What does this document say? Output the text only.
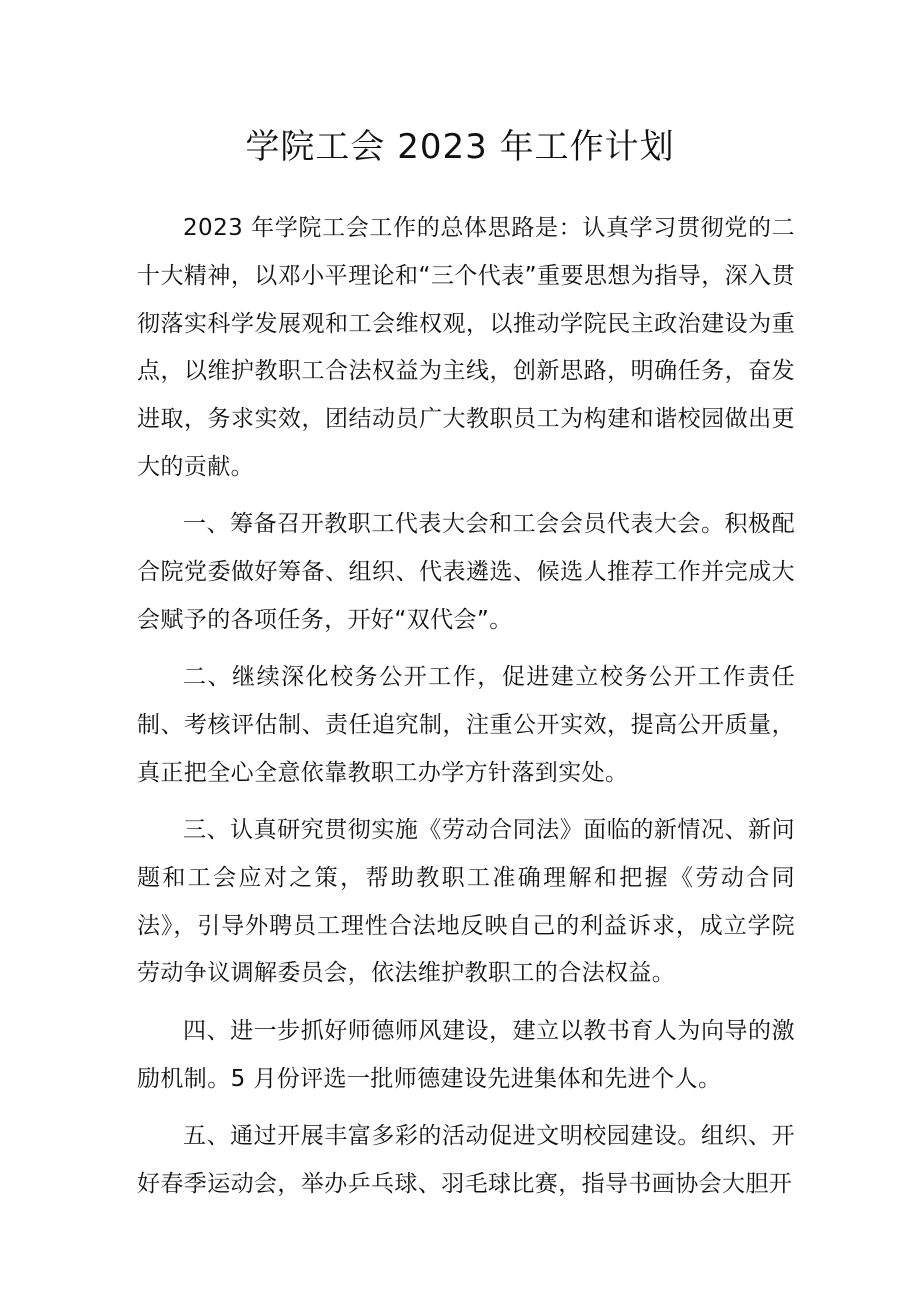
学院工会 2023 年工作计划

2023 年学院工会工作的总体思路是：认真学习贯彻党的二十大精神，以邓小平理论和“三个代表”重要思想为指导，深入贯彻落实科学发展观和工会维权观，以推动学院民主政治建设为重点，以维护教职工合法权益为主线，创新思路，明确任务，奋发进取，务求实效，团结动员广大教职员工为构建和谐校园做出更大的贡献。

一、筹备召开教职工代表大会和工会会员代表大会。积极配合院党委做好筹备、组织、代表遴选、候选人推荐工作并完成大会赋予的各项任务，开好“双代会”。

二、继续深化校务公开工作，促进建立校务公开工作责任制、考核评估制、责任追究制，注重公开实效，提高公开质量，真正把全心全意依靠教职工办学方针落到实处。

三、认真研究贯彻实施《劳动合同法》面临的新情况、新问题和工会应对之策，帮助教职工准确理解和把握《劳动合同法》，引导外聘员工理性合法地反映自己的利益诉求，成立学院劳动争议调解委员会，依法维护教职工的合法权益。

四、进一步抓好师德师风建设，建立以教书育人为向导的激励机制。5 月份评选一批师德建设先进集体和先进个人。

五、通过开展丰富多彩的活动促进文明校园建设。组织、开好春季运动会，举办乒乓球、羽毛球比赛，指导书画协会大胆开
